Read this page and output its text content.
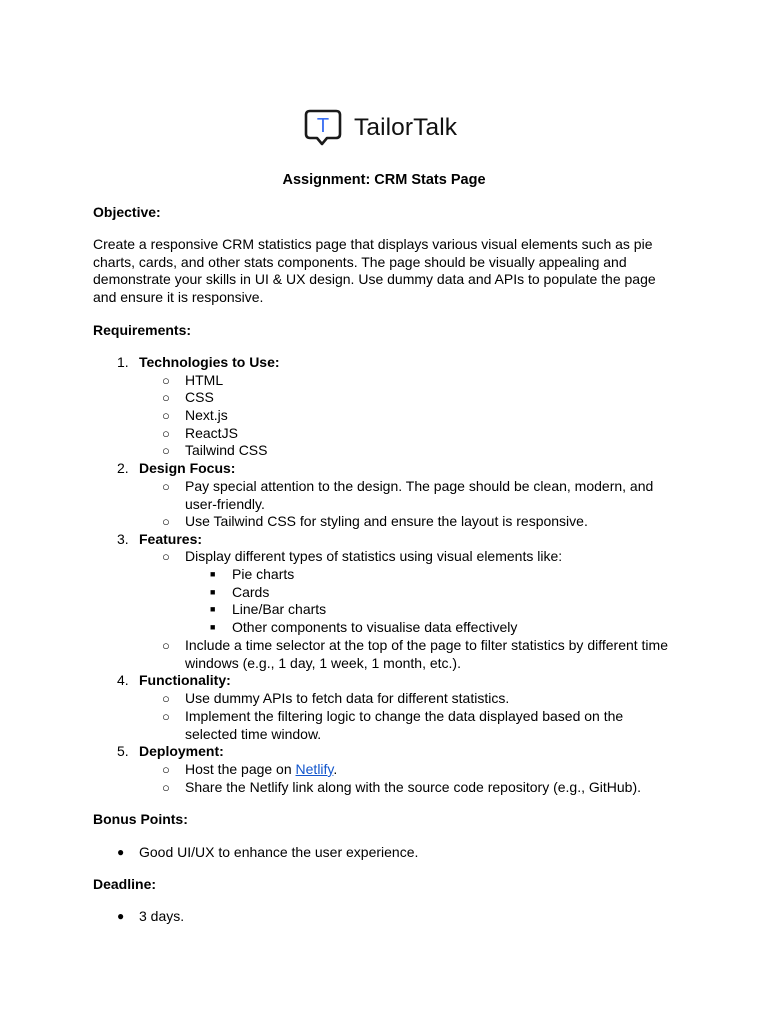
T TailorTalk
Assignment: CRM Stats Page
Objective:
Create a responsive CRM statistics page that displays various visual elements such as pie
charts, cards, and other stats components. The page should be visually appealing and
demonstrate your skills in UI & UX design. Use dummy data and APIs to populate the page
and ensure it is responsive.
Requirements:
1. Technologies to Use:
○ HTML
○ CSS
○ Next.js
○ ReactJS
○ Tailwind CSS
2. Design Focus:
○ Pay special attention to the design. The page should be clean, modern, and
user-friendly.
○ Use Tailwind CSS for styling and ensure the layout is responsive.
3. Features:
○ Display different types of statistics using visual elements like:
■ Pie charts
■ Cards
■ Line/Bar charts
■ Other components to visualise data effectively
○ Include a time selector at the top of the page to filter statistics by different time
windows (e.g., 1 day, 1 week, 1 month, etc.).
4. Functionality:
○ Use dummy APIs to fetch data for different statistics.
○ Implement the filtering logic to change the data displayed based on the
selected time window.
5. Deployment:
○ Host the page on Netlify.
○ Share the Netlify link along with the source code repository (e.g., GitHub).
Bonus Points:
● Good UI/UX to enhance the user experience.
Deadline:
● 3 days.
